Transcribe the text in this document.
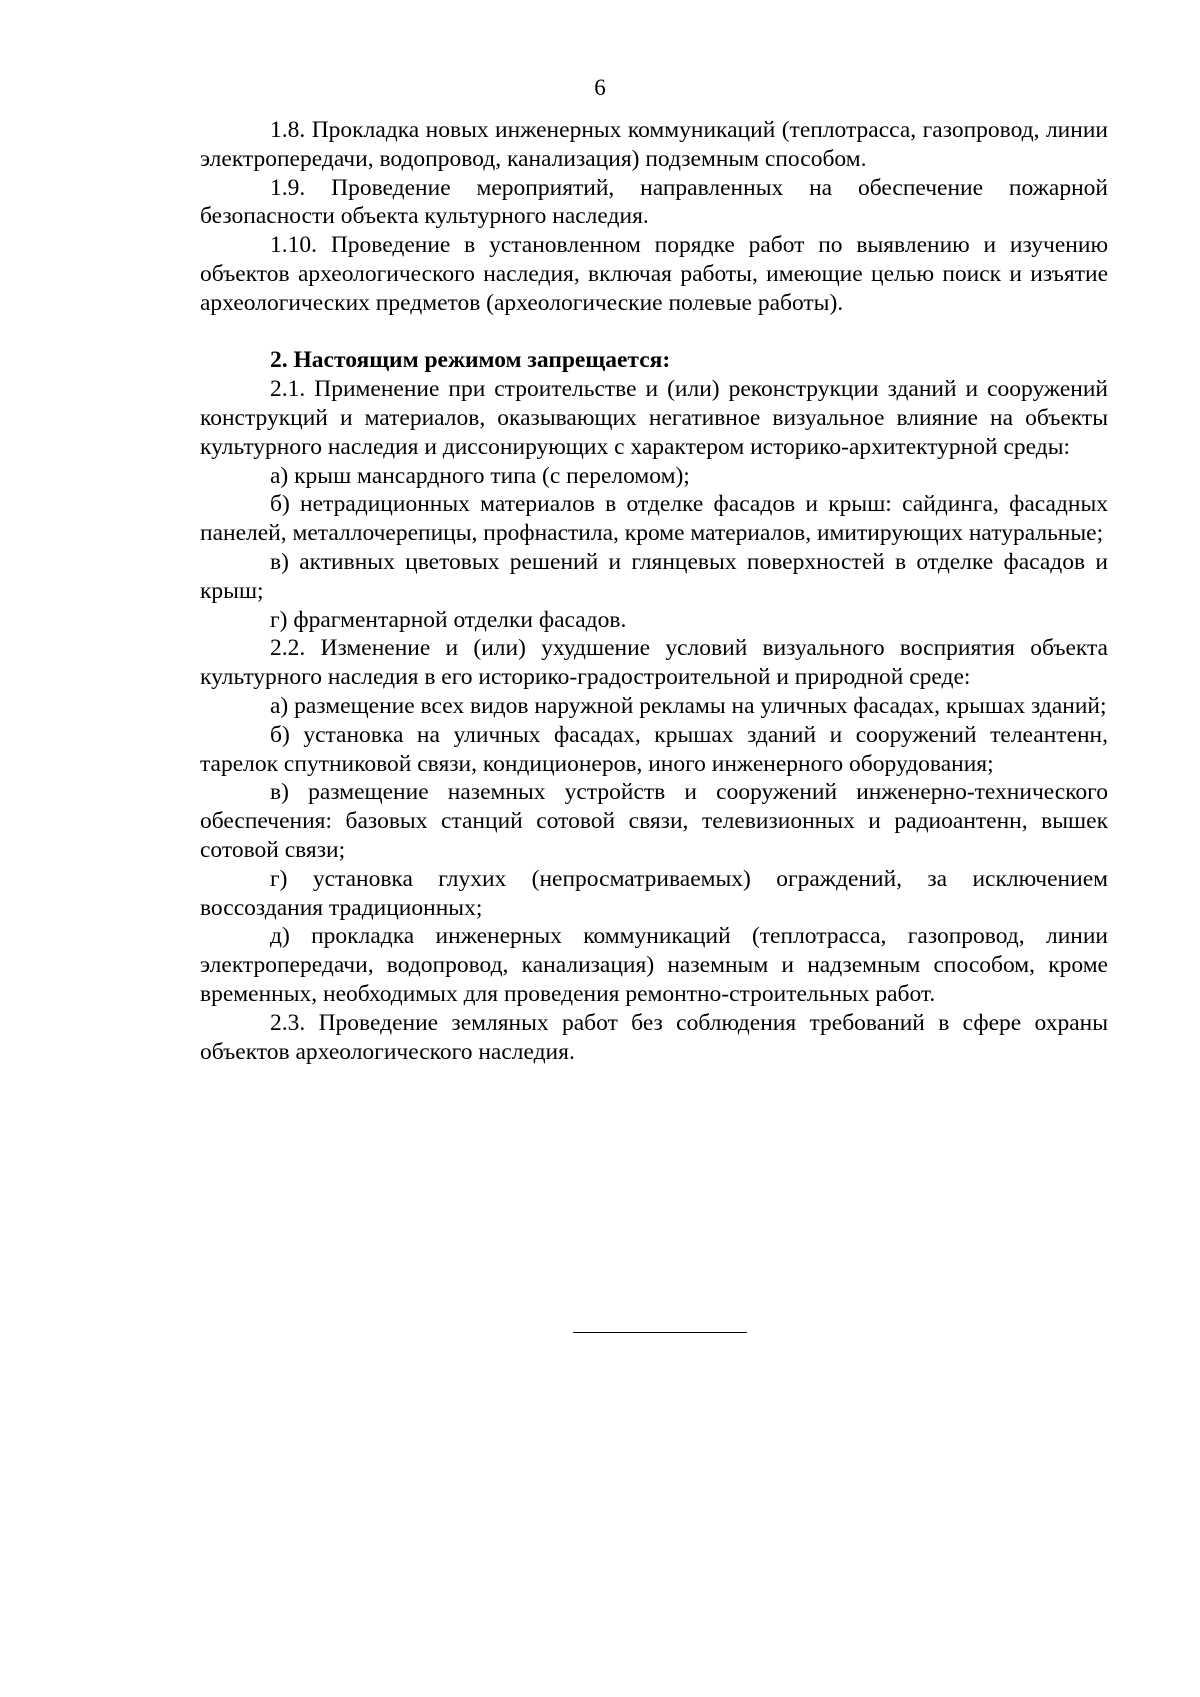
6

1.8. Прокладка новых инженерных коммуникаций (теплотрасса, газопровод, линии электропередачи, водопровод, канализация) подземным способом.

1.9. Проведение мероприятий, направленных на обеспечение пожарной безопасности объекта культурного наследия.

1.10. Проведение в установленном порядке работ по выявлению и изучению объектов археологического наследия, включая работы, имеющие целью поиск и изъятие археологических предметов (археологические полевые работы).

2. Настоящим режимом запрещается:

2.1. Применение при строительстве и (или) реконструкции зданий и сооружений конструкций и материалов, оказывающих негативное визуальное влияние на объекты культурного наследия и диссонирующих с характером историко-архитектурной среды:

а) крыш мансардного типа (с переломом);

б) нетрадиционных материалов в отделке фасадов и крыш: сайдинга, фасадных панелей, металлочерепицы, профнастила, кроме материалов, имитирующих натуральные;

в) активных цветовых решений и глянцевых поверхностей в отделке фасадов и крыш;

г) фрагментарной отделки фасадов.

2.2. Изменение и (или) ухудшение условий визуального восприятия объекта культурного наследия в его историко-градостроительной и природной среде:

а) размещение всех видов наружной рекламы на уличных фасадах, крышах зданий;

б) установка на уличных фасадах, крышах зданий и сооружений телеантенн, тарелок спутниковой связи, кондиционеров, иного инженерного оборудования;

в) размещение наземных устройств и сооружений инженерно-технического обеспечения: базовых станций сотовой связи, телевизионных и радиоантенн, вышек сотовой связи;

г) установка глухих (непросматриваемых) ограждений, за исключением воссоздания традиционных;

д) прокладка инженерных коммуникаций (теплотрасса, газопровод, линии электропередачи, водопровод, канализация) наземным и надземным способом, кроме временных, необходимых для проведения ремонтно-строительных работ.

2.3. Проведение земляных работ без соблюдения требований в сфере охраны объектов археологического наследия.
